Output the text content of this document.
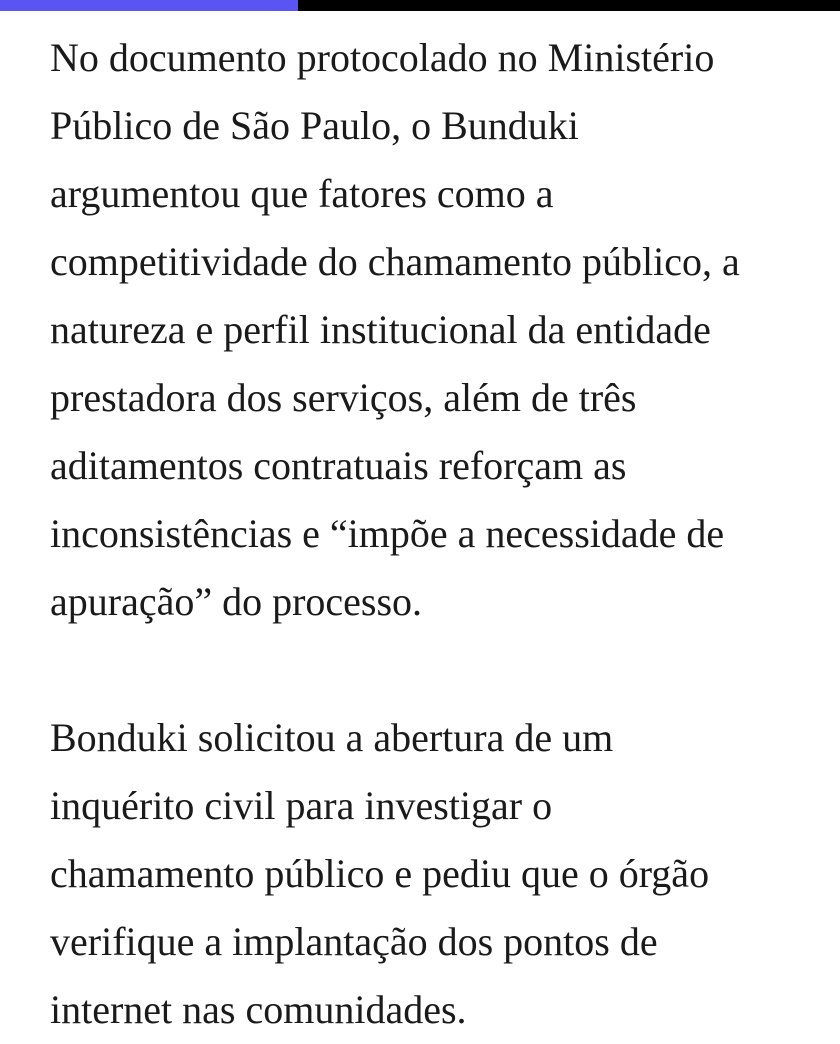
No documento protocolado no Ministério
Público de São Paulo, o Bunduki
argumentou que fatores como a
competitividade do chamamento público, a
natureza e perfil institucional da entidade
prestadora dos serviços, além de três
aditamentos contratuais reforçam as
inconsistências e “impõe a necessidade de
apuração” do processo.

Bonduki solicitou a abertura de um
inquérito civil para investigar o
chamamento público e pediu que o órgão
verifique a implantação dos pontos de
internet nas comunidades.
